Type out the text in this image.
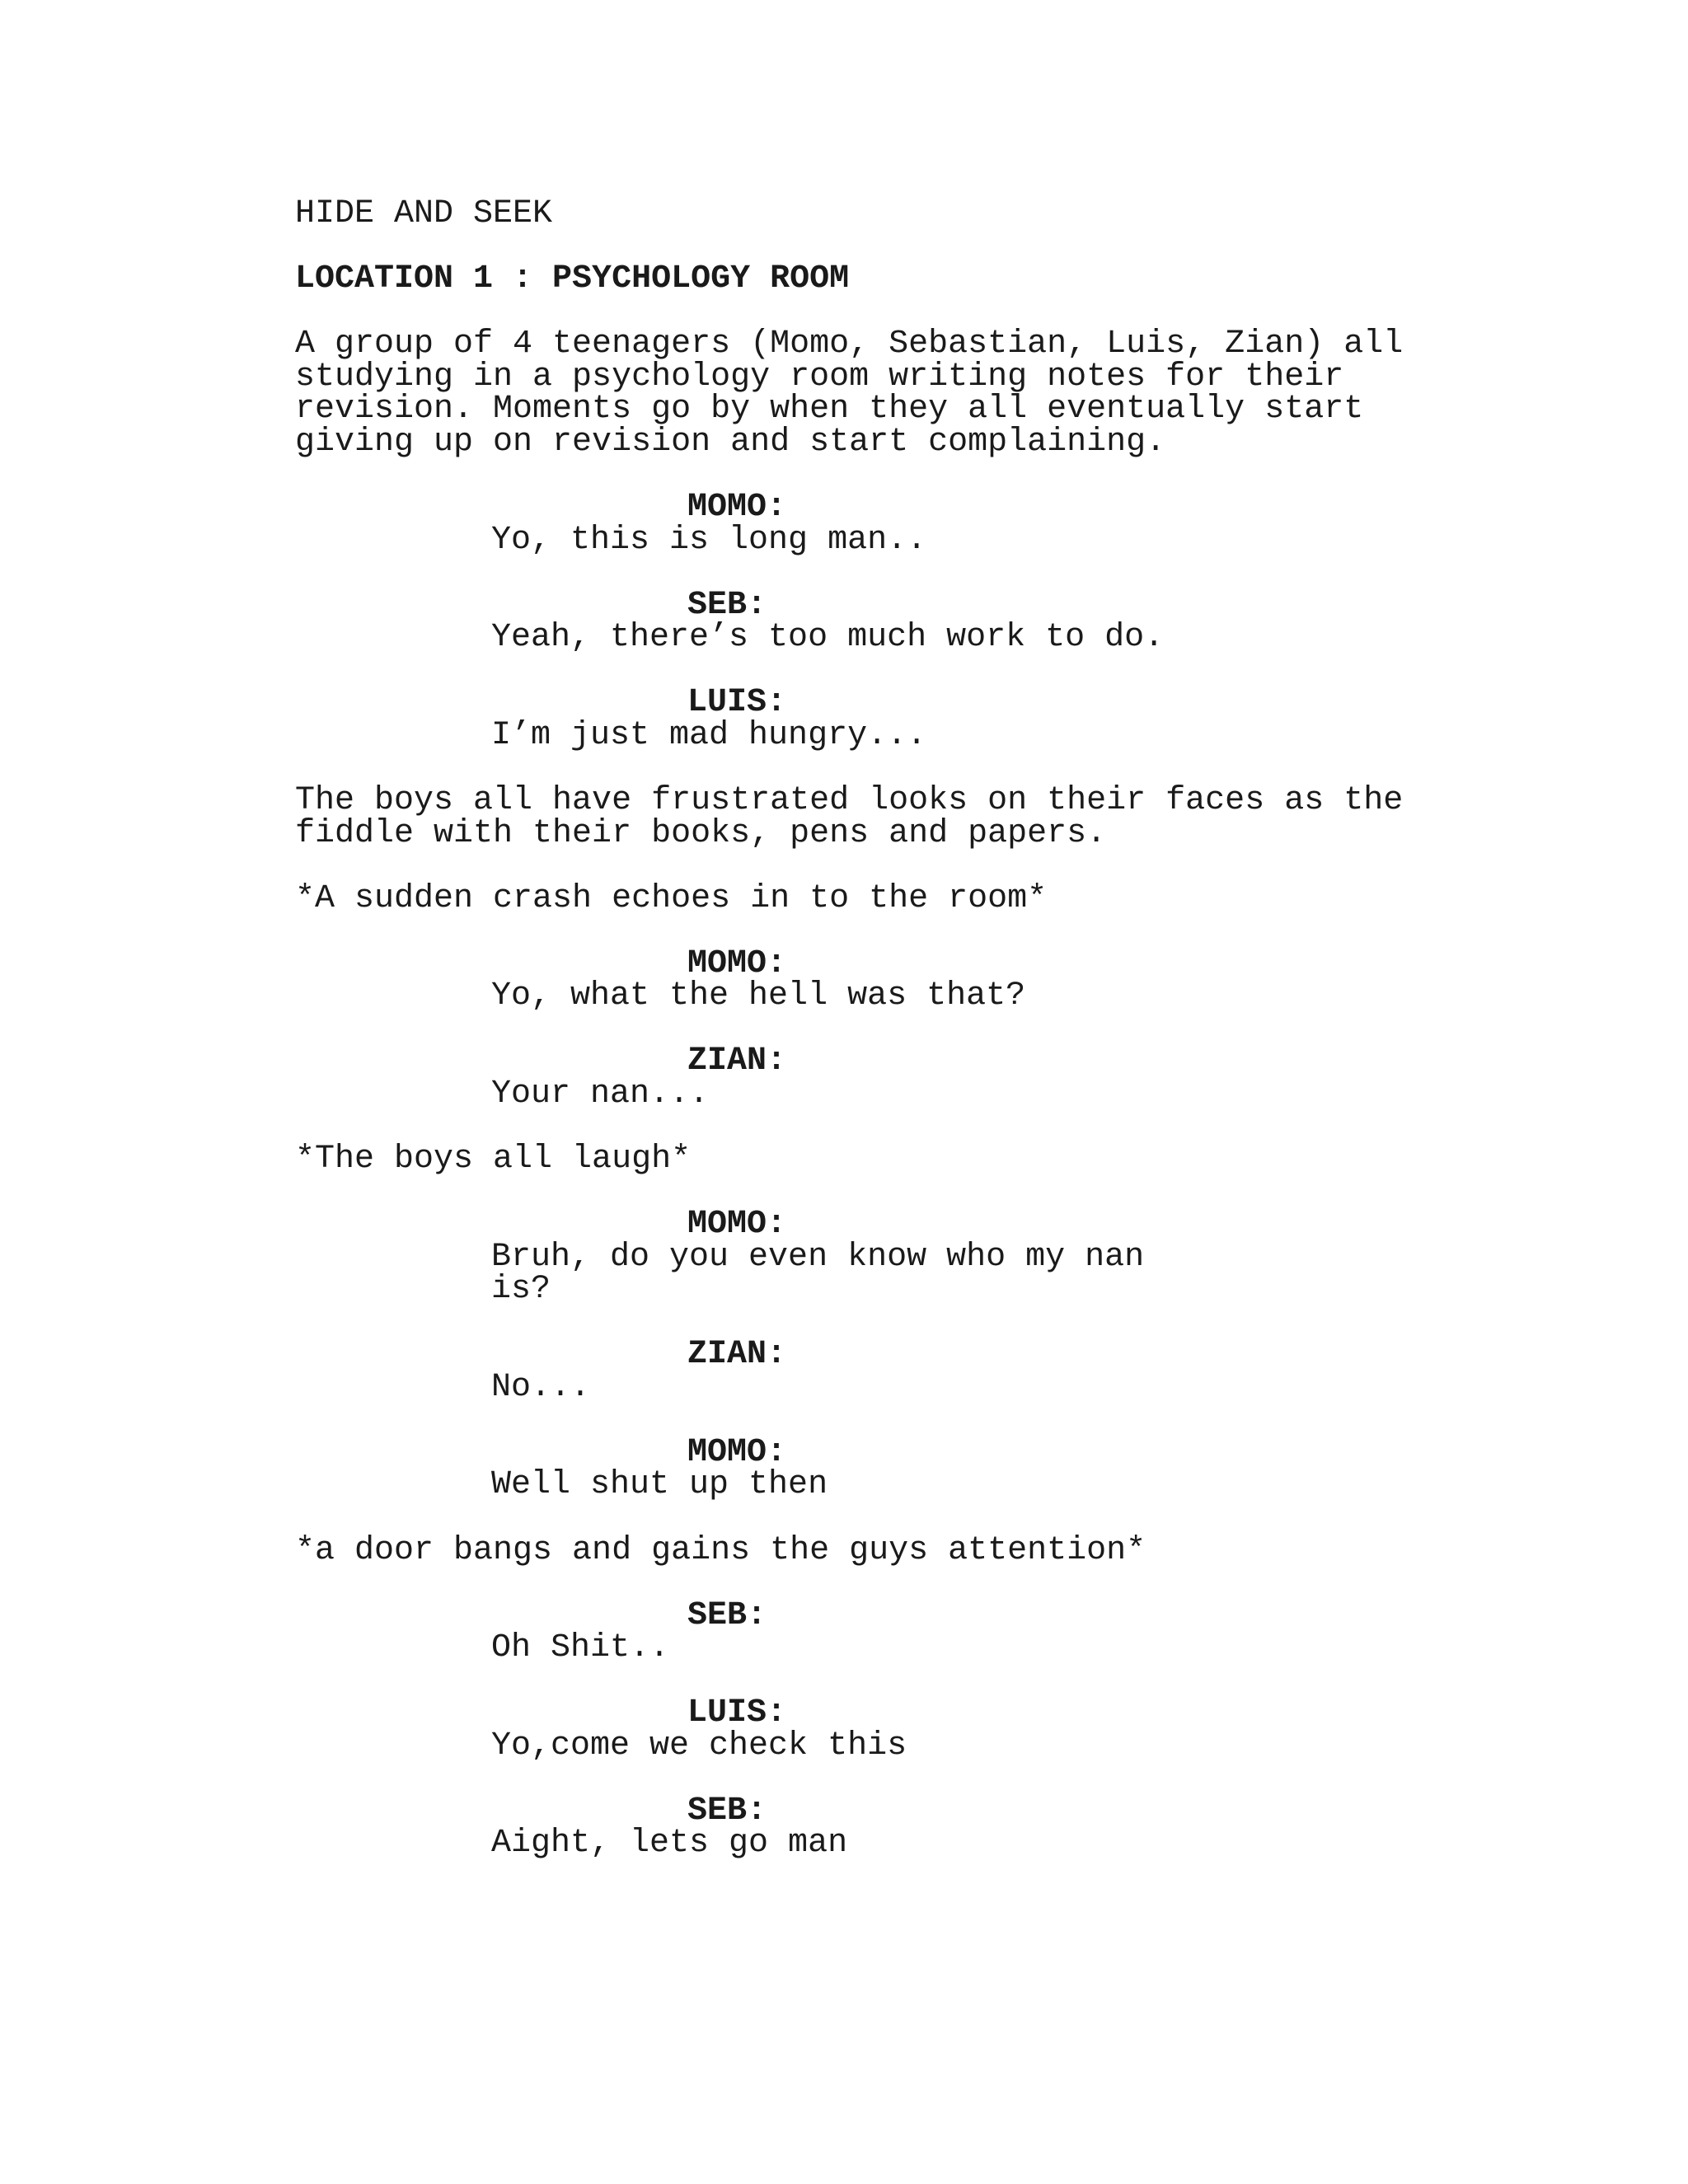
HIDE AND SEEK
LOCATION 1 : PSYCHOLOGY ROOM
A group of 4 teenagers (Momo, Sebastian, Luis, Zian) all
studying in a psychology room writing notes for their
revision. Moments go by when they all eventually start
giving up on revision and start complaining.
MOMO:
Yo, this is long man..
SEB:
Yeah, there’s too much work to do.
LUIS:
I’m just mad hungry...
The boys all have frustrated looks on their faces as the
fiddle with their books, pens and papers.
*A sudden crash echoes in to the room*
MOMO:
Yo, what the hell was that?
ZIAN:
Your nan...
*The boys all laugh*
MOMO:
Bruh, do you even know who my nan
is?
ZIAN:
No...
MOMO:
Well shut up then
*a door bangs and gains the guys attention*
SEB:
Oh Shit..
LUIS:
Yo,come we check this
SEB:
Aight, lets go man
